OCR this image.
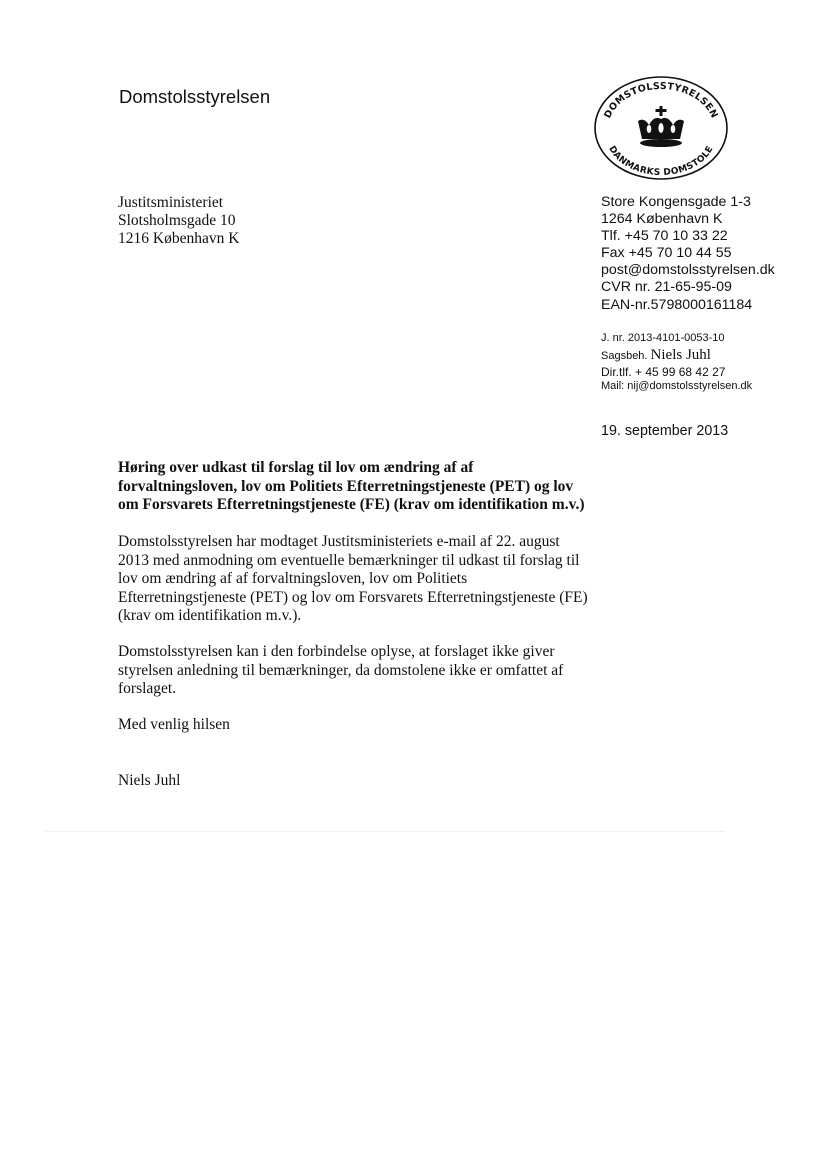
Domstolsstyrelsen
DOMSTOLSSTYRELSEN
DANMARKS DOMSTOLE
Justitsministeriet
Slotsholmsgade 10
1216 København K
Store Kongensgade 1-3
1264 København K
Tlf. +45 70 10 33 22
Fax +45 70 10 44 55
post@domstolsstyrelsen.dk
CVR nr. 21-65-95-09
EAN-nr.5798000161184
J. nr. 2013-4101-0053-10
Sagsbeh. Niels Juhl
Dir.tlf. + 45 99 68 42 27
Mail: nij@domstolsstyrelsen.dk
19. september 2013
Høring over udkast til forslag til lov om ændring af af
forvaltningsloven, lov om Politiets Efterretningstjeneste (PET) og lov
om Forsvarets Efterretningstjeneste (FE) (krav om identifikation m.v.)
Domstolsstyrelsen har modtaget Justitsministeriets e-mail af 22. august
2013 med anmodning om eventuelle bemærkninger til udkast til forslag til
lov om ændring af af forvaltningsloven, lov om Politiets
Efterretningstjeneste (PET) og lov om Forsvarets Efterretningstjeneste (FE)
(krav om identifikation m.v.).
Domstolsstyrelsen kan i den forbindelse oplyse, at forslaget ikke giver
styrelsen anledning til bemærkninger, da domstolene ikke er omfattet af
forslaget.
Med venlig hilsen
Niels Juhl
